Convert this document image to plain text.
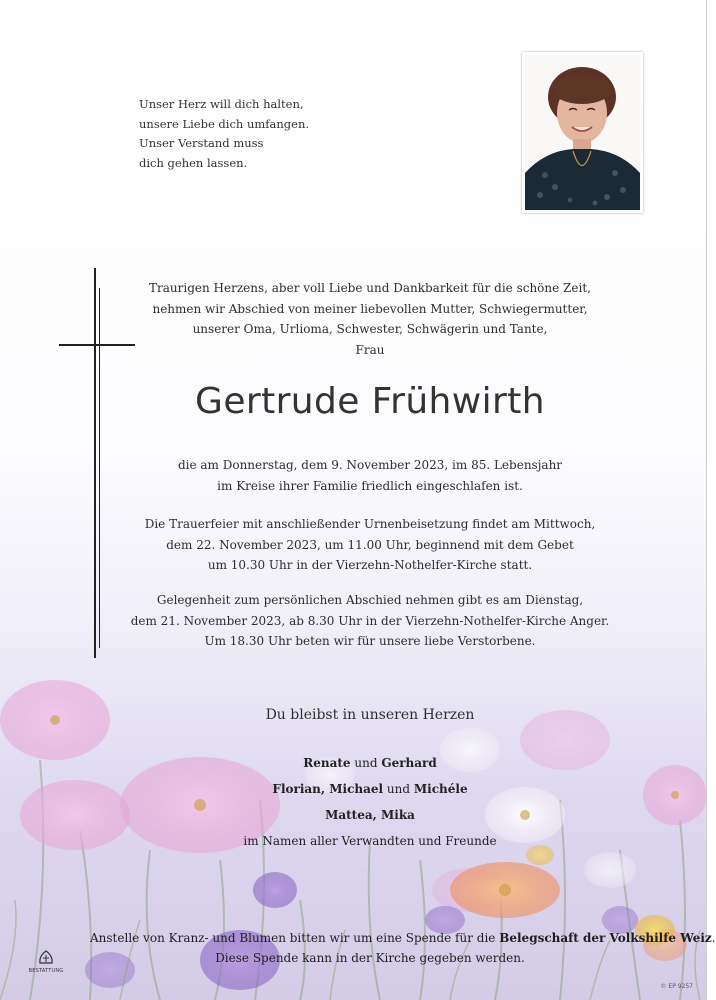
Unser Herz will dich halten,
unsere Liebe dich umfangen.
Unser Verstand muss
dich gehen lassen.
Traurigen Herzens, aber voll Liebe und Dankbarkeit für die schöne Zeit,
nehmen wir Abschied von meiner liebevollen Mutter, Schwiegermutter,
unserer Oma, Urlioma, Schwester, Schwägerin und Tante,
Frau
Gertrude Frühwirth
die am Donnerstag, dem 9. November 2023, im 85. Lebensjahr
im Kreise ihrer Familie friedlich eingeschlafen ist.
Die Trauerfeier mit anschließender Urnenbeisetzung findet am Mittwoch,
dem 22. November 2023, um 11.00 Uhr, beginnend mit dem Gebet
um 10.30 Uhr in der Vierzehn-Nothelfer-Kirche statt.
Gelegenheit zum persönlichen Abschied nehmen gibt es am Dienstag,
dem 21. November 2023, ab 8.30 Uhr in der Vierzehn-Nothelfer-Kirche Anger.
Um 18.30 Uhr beten wir für unsere liebe Verstorbene.
Du bleibst in unseren Herzen
Renate und Gerhard
Florian, Michael und Michéle
Mattea, Mika
im Namen aller Verwandten und Freunde
Anstelle von Kranz- und Blumen bitten wir um eine Spende für die Belegschaft der Volkshilfe Weiz.
Diese Spende kann in der Kirche gegeben werden.
BESTATTUNG
© EP 9257
